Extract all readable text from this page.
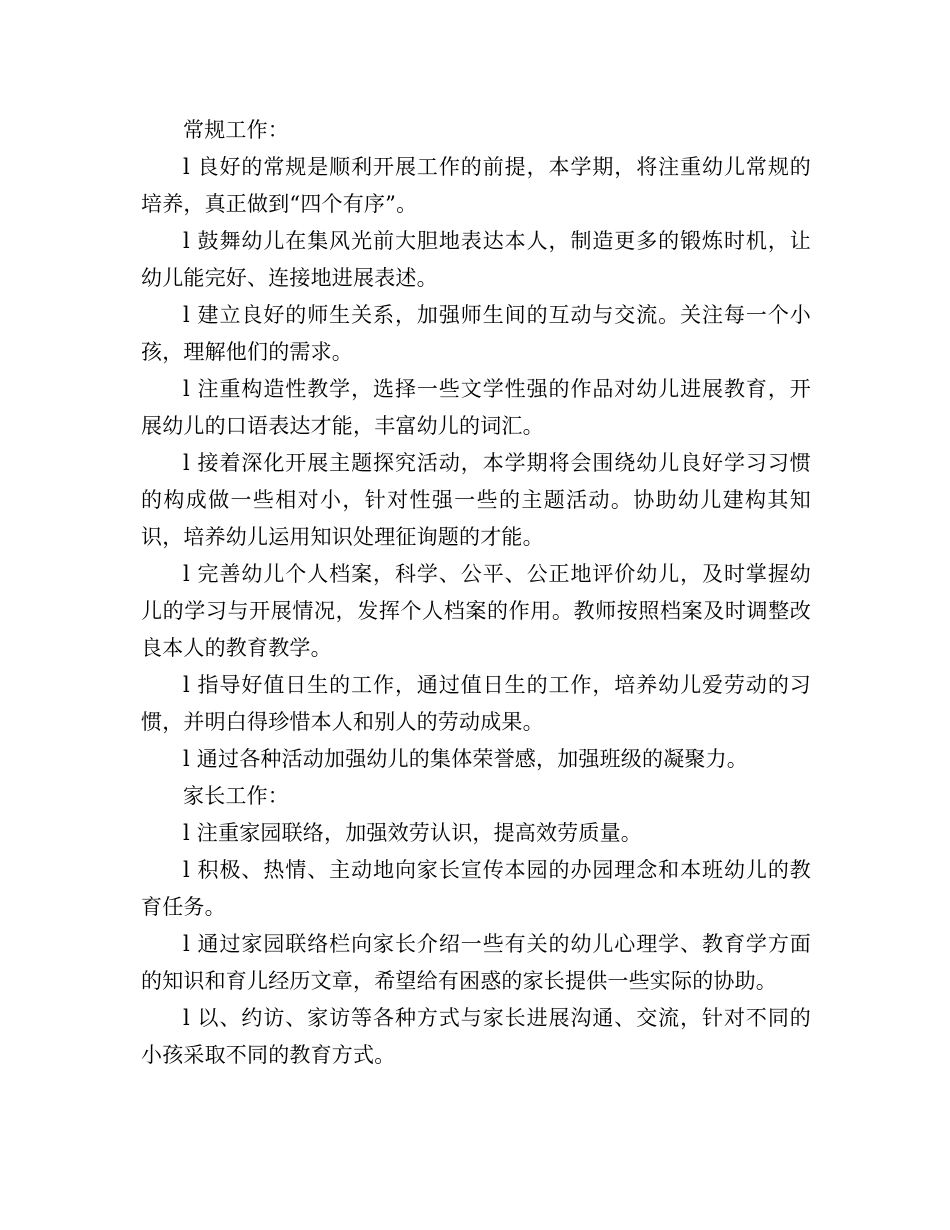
常规工作：

l 良好的常规是顺利开展工作的前提，本学期，将注重幼儿常规的培养，真正做到“四个有序”。

l 鼓舞幼儿在集风光前大胆地表达本人，制造更多的锻炼时机，让幼儿能完好、连接地进展表述。

l 建立良好的师生关系，加强师生间的互动与交流。关注每一个小孩，理解他们的需求。

l 注重构造性教学，选择一些文学性强的作品对幼儿进展教育，开展幼儿的口语表达才能，丰富幼儿的词汇。

l 接着深化开展主题探究活动，本学期将会围绕幼儿良好学习习惯的构成做一些相对小，针对性强一些的主题活动。协助幼儿建构其知识，培养幼儿运用知识处理征询题的才能。

l 完善幼儿个人档案，科学、公平、公正地评价幼儿，及时掌握幼儿的学习与开展情况，发挥个人档案的作用。教师按照档案及时调整改良本人的教育教学。

l 指导好值日生的工作，通过值日生的工作，培养幼儿爱劳动的习惯，并明白得珍惜本人和别人的劳动成果。

l 通过各种活动加强幼儿的集体荣誉感，加强班级的凝聚力。

家长工作：

l 注重家园联络，加强效劳认识，提高效劳质量。

l 积极、热情、主动地向家长宣传本园的办园理念和本班幼儿的教育任务。

l 通过家园联络栏向家长介绍一些有关的幼儿心理学、教育学方面的知识和育儿经历文章，希望给有困惑的家长提供一些实际的协助。

l 以、约访、家访等各种方式与家长进展沟通、交流，针对不同的小孩采取不同的教育方式。
